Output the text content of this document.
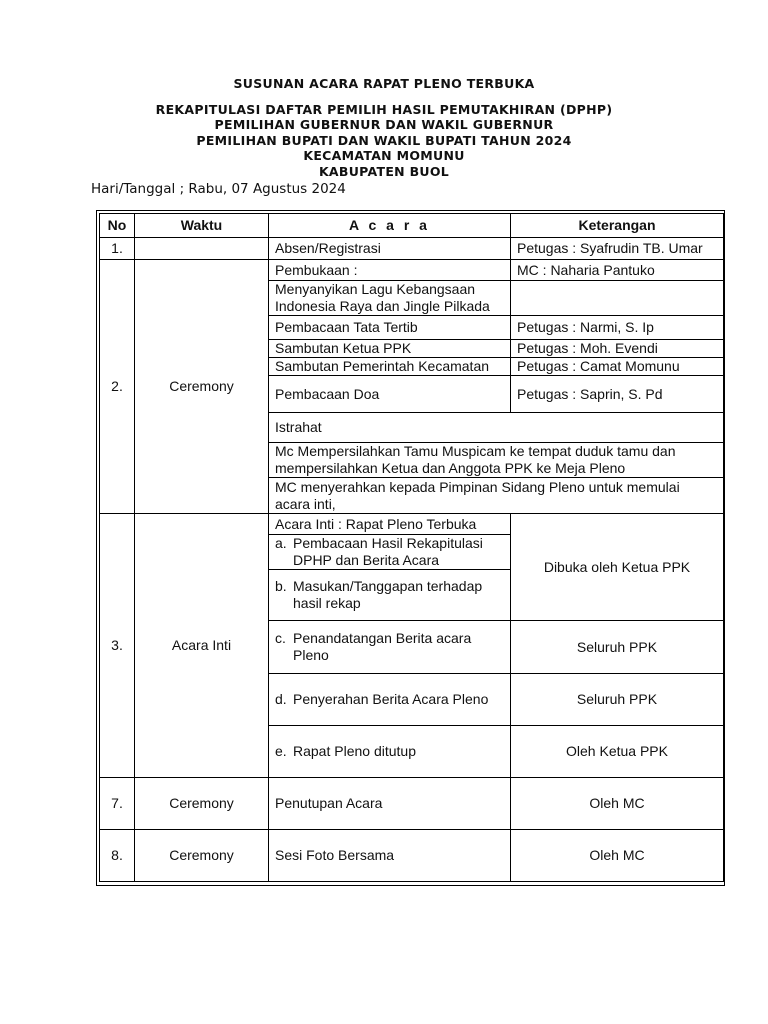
SUSUNAN ACARA RAPAT PLENO TERBUKA
REKAPITULASI DAFTAR PEMILIH HASIL PEMUTAKHIRAN (DPHP)
PEMILIHAN GUBERNUR DAN WAKIL GUBERNUR
PEMILIHAN BUPATI DAN WAKIL BUPATI TAHUN 2024
KECAMATAN MOMUNU
KABUPATEN BUOL
Hari/Tanggal ; Rabu, 07 Agustus 2024
No	Waktu	A c a r a	Keterangan
1.		Absen/Registrasi	Petugas : Syafrudin TB. Umar
2.	Ceremony	Pembukaan :	MC : Naharia Pantuko
		Menyanyikan Lagu Kebangsaan Indonesia Raya dan Jingle Pilkada	
		Pembacaan Tata Tertib	Petugas : Narmi, S. Ip
		Sambutan Ketua PPK	Petugas : Moh. Evendi
		Sambutan Pemerintah Kecamatan	Petugas : Camat Momunu
		Pembacaan Doa	Petugas : Saprin, S. Pd
		Istrahat	
		Mc Mempersilahkan Tamu Muspicam ke tempat duduk tamu dan mempersilahkan Ketua dan Anggota PPK ke Meja Pleno	
		MC menyerahkan kepada Pimpinan Sidang Pleno untuk memulai acara inti,	
3.	Acara Inti	Acara Inti : Rapat Pleno Terbuka	Dibuka oleh Ketua PPK

		a. Pembacaan Hasil Rekapitulasi DPHP dan Berita Acara	

		b. Masukan/Tanggapan terhadap hasil rekap	

		c. Penandatangan Berita acara Pleno	Seluruh PPK

		d. Penyerahan Berita Acara Pleno	Seluruh PPK

		e. Rapat Pleno ditutup	Oleh Ketua PPK
7.	Ceremony	Penutupan Acara	Oleh MC
8.	Ceremony	Sesi Foto Bersama	Oleh MC
